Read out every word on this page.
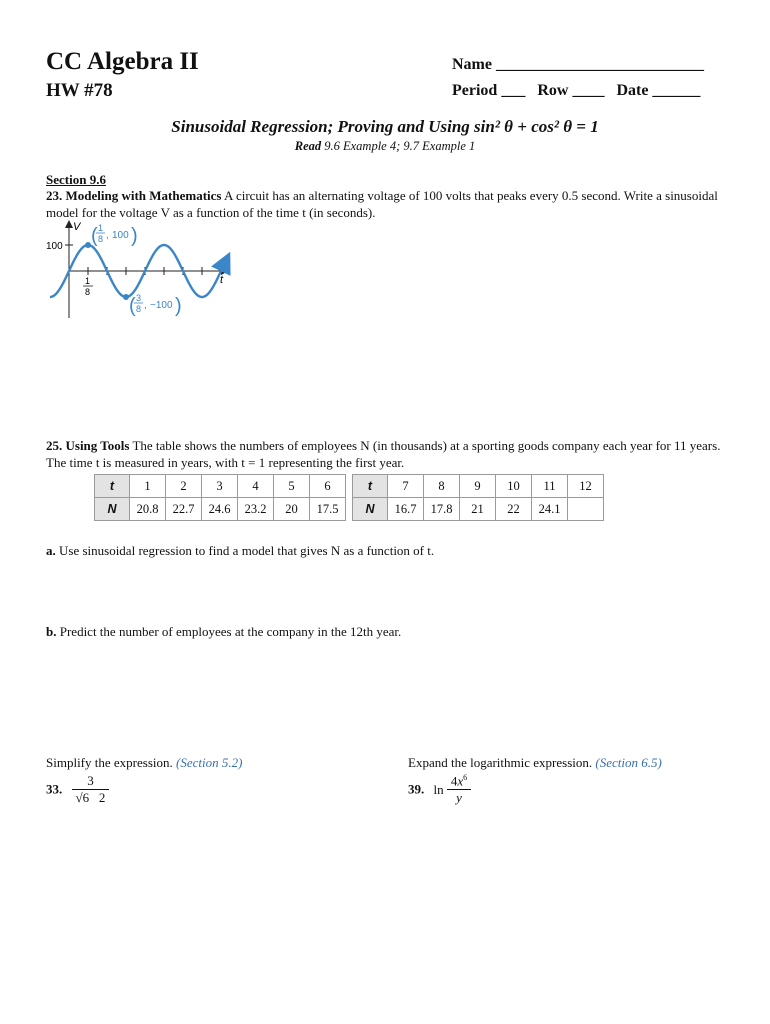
CC Algebra II
HW #78
Name __________________________
Period ___ Row ____ Date ______
Sinusoidal Regression; Proving and Using sin² θ + cos² θ = 1
Read 9.6 Example 4; 9.7 Example 1
Section 9.6
23. Modeling with Mathematics A circuit has an alternating voltage of 100 volts that peaks every 0.5 second. Write a sinusoidal model for the voltage V as a function of the time t (in seconds).
V
t
100
1
8
( 1
8 , 100 )
( 3
8 , −100 )
25. Using Tools The table shows the numbers of employees N (in thousands) at a sporting goods company each year for 11 years. The time t is measured in years, with t = 1 representing the first year.
t	1	2	3	4	5	6
N	20.8	22.7	24.6	23.2	20	17.5
t	7	8	9	10	11	12
N	16.7	17.8	21	22	24.1	
a. Use sinusoidal regression to find a model that gives N as a function of t.
b. Predict the number of employees at the company in the 12th year.
Simplify the expression. (Section 5.2)
33. $\frac{3}{√6 2}$
Expand the logarithmic expression. (Section 6.5)
39. $\ln \frac{4x^6}{y}$
